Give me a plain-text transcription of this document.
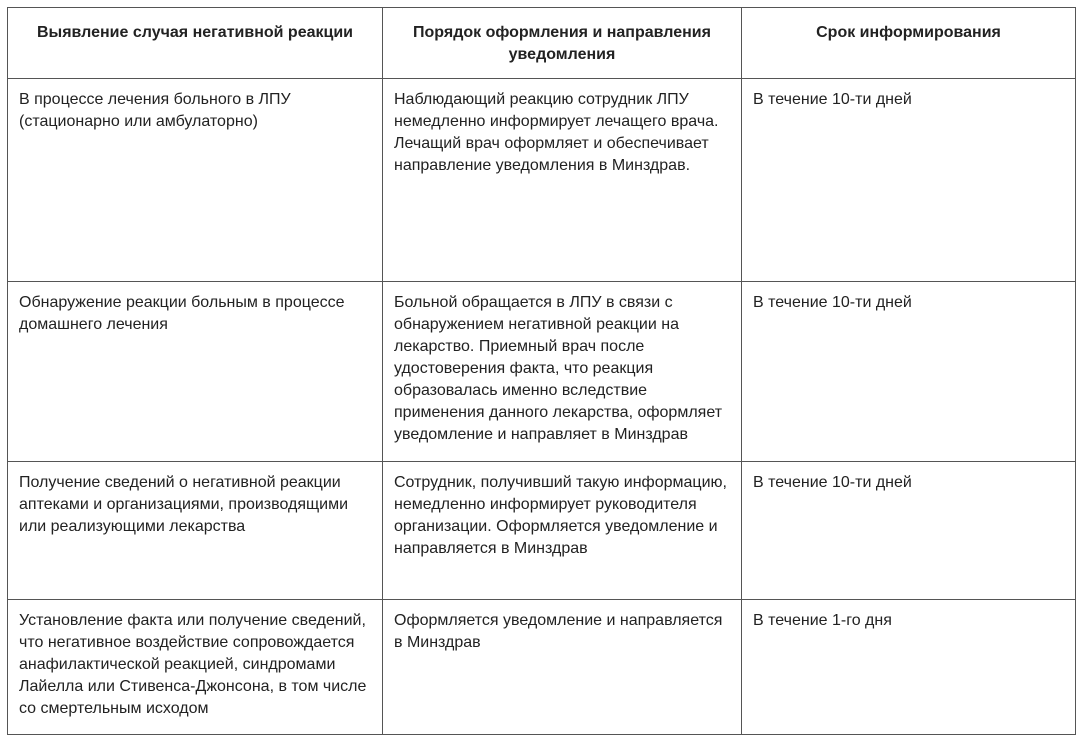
Выявление случая негативной реакции	Порядок оформления и направления уведомления	Срок информирования
В процессе лечения больного в ЛПУ (стационарно или амбулаторно)	Наблюдающий реакцию сотрудник ЛПУ немедленно информирует лечащего врача. Лечащий врач оформляет и обеспечивает направление уведомления в Минздрав.	В течение 10-ти дней
Обнаружение реакции больным в процессе домашнего лечения	Больной обращается в ЛПУ в связи с обнаружением негативной реакции на лекарство. Приемный врач после удостоверения факта, что реакция образовалась именно вследствие применения данного лекарства, оформляет уведомление и направляет в Минздрав	В течение 10-ти дней
Получение сведений о негативной реакции аптеками и организациями, производящими или реализующими лекарства	Сотрудник, получивший такую информацию, немедленно информирует руководителя организации. Оформляется уведомление и направляется в Минздрав	В течение 10-ти дней
Установление факта или получение сведений, что негативное воздействие сопровождается анафилактической реакцией, синдромами Лайелла или Стивенса-Джонсона, в том числе со смертельным исходом	Оформляется уведомление и направляется в Минздрав	В течение 1-го дня
